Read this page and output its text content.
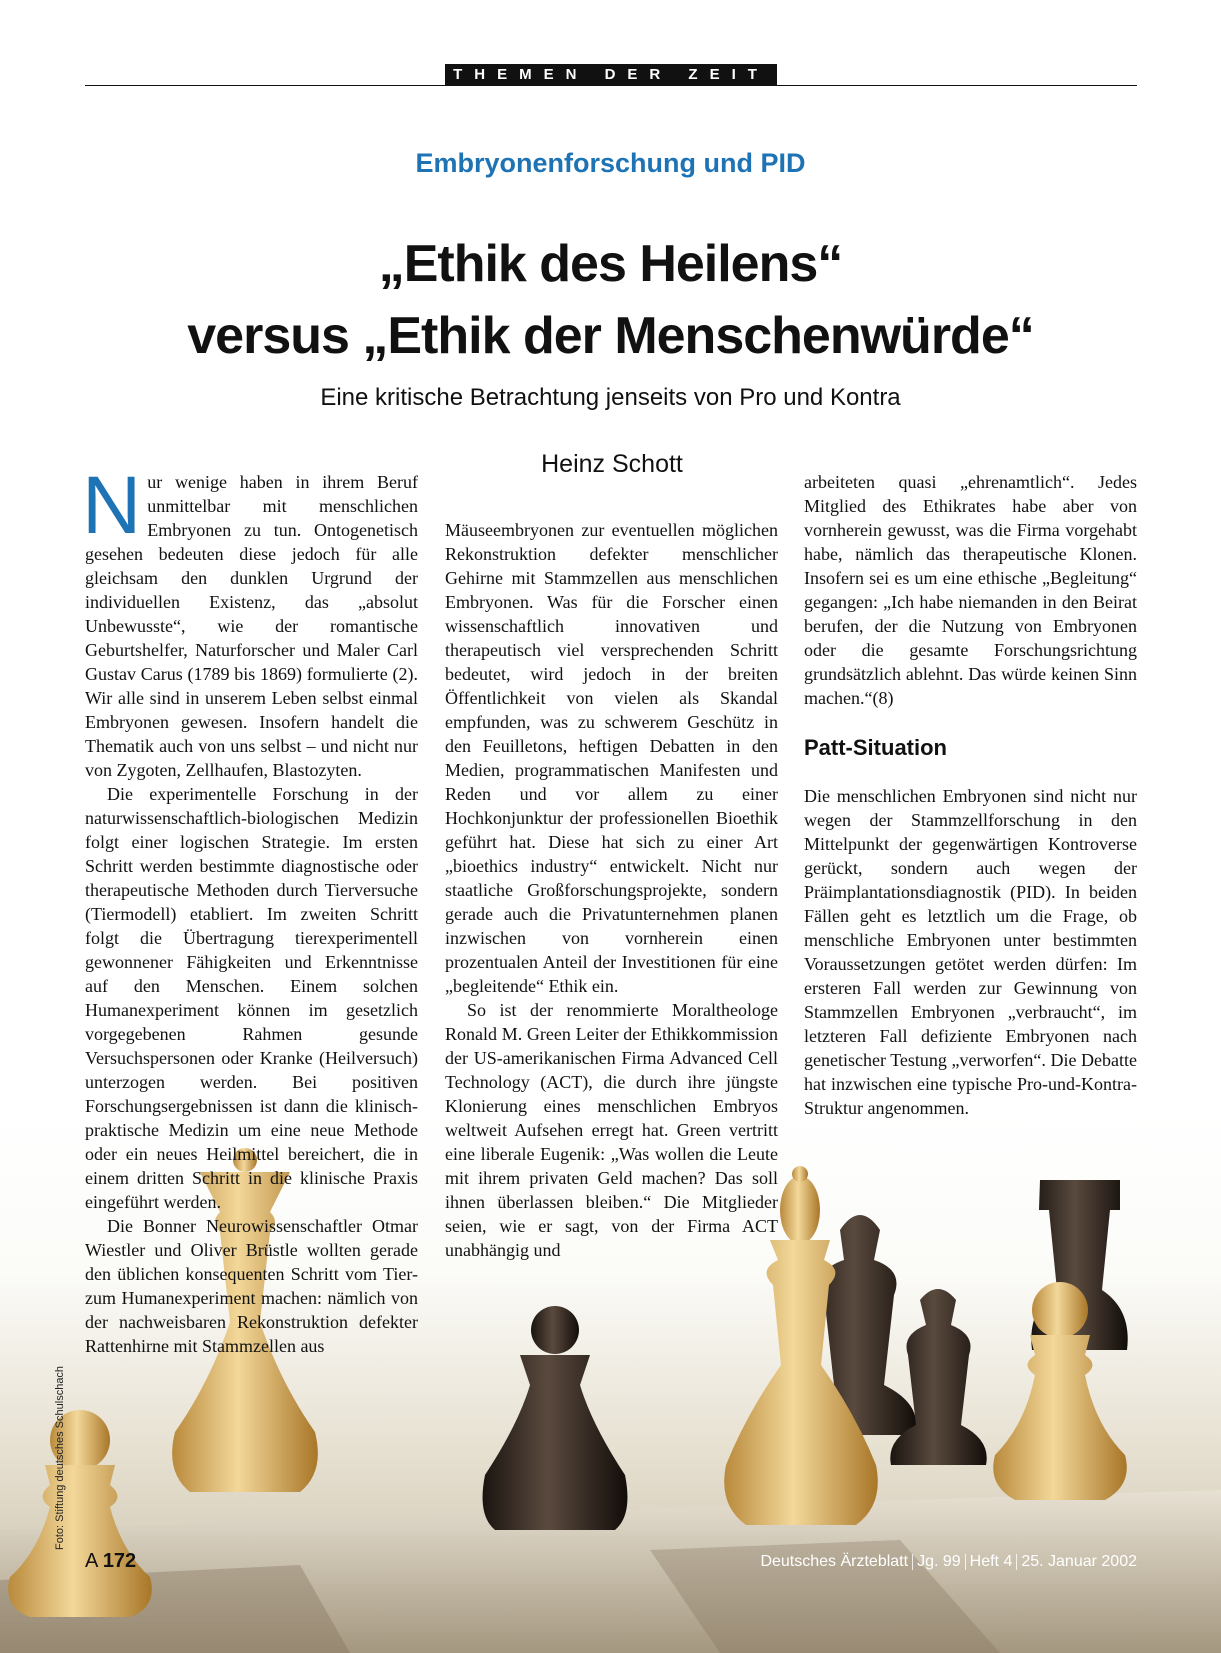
THEMEN DER ZEIT
Embryonenforschung und PID
„Ethik des Heilens“
versus „Ethik der Menschenwürde“
Eine kritische Betrachtung jenseits von Pro und Kontra
Heinz Schott

Nur wenige haben in ihrem Beruf unmittelbar mit menschlichen Embryonen zu tun. Ontogenetisch gesehen bedeuten diese jedoch für alle gleichsam den dunklen Urgrund der individuellen Existenz, das „absolut Unbewusste“, wie der romantische Geburtshelfer, Naturforscher und Maler Carl Gustav Carus (1789 bis 1869) formulierte (2). Wir alle sind in unserem Leben selbst einmal Embryonen gewesen. Insofern handelt die Thematik auch von uns selbst – und nicht nur von Zygoten, Zellhaufen, Blastozyten.

Die experimentelle Forschung in der naturwissenschaftlich-biologischen Medizin folgt einer logischen Strategie. Im ersten Schritt werden bestimmte diagnostische oder therapeutische Methoden durch Tierversuche (Tiermodell) etabliert. Im zweiten Schritt folgt die Übertragung tierexperimentell gewonnener Fähigkeiten und Erkenntnisse auf den Menschen. Einem solchen Humanexperiment können im gesetzlich vorgegebenen Rahmen gesunde Versuchspersonen oder Kranke (Heilversuch) unterzogen werden. Bei positiven Forschungsergebnissen ist dann die klinisch-praktische Medizin um eine neue Methode oder ein neues Heilmittel bereichert, die in einem dritten Schritt in die klinische Praxis eingeführt werden.

Die Bonner Neurowissenschaftler Otmar Wiestler und Oliver Brüstle wollten gerade den üblichen konsequenten Schritt vom Tier- zum Humanexperiment machen: nämlich von der nachweisbaren Rekonstruktion defekter Rattenhirne mit Stammzellen aus

Mäuseembryonen zur eventuellen möglichen Rekonstruktion defekter menschlicher Gehirne mit Stammzellen aus menschlichen Embryonen. Was für die Forscher einen wissenschaftlich innovativen und therapeutisch viel versprechenden Schritt bedeutet, wird jedoch in der breiten Öffentlichkeit von vielen als Skandal empfunden, was zu schwerem Geschütz in den Feuilletons, heftigen Debatten in den Medien, programmatischen Manifesten und Reden und vor allem zu einer Hochkonjunktur der professionellen Bioethik geführt hat. Diese hat sich zu einer Art „bioethics industry“ entwickelt. Nicht nur staatliche Großforschungsprojekte, sondern gerade auch die Privatunternehmen planen inzwischen von vornherein einen prozentualen Anteil der Investitionen für eine „begleitende“ Ethik ein.

So ist der renommierte Moraltheologe Ronald M. Green Leiter der Ethikkommission der US-amerikanischen Firma Advanced Cell Technology (ACT), die durch ihre jüngste Klonierung eines menschlichen Embryos weltweit Aufsehen erregt hat. Green vertritt eine liberale Eugenik: „Was wollen die Leute mit ihrem privaten Geld machen? Das soll ihnen überlassen bleiben.“ Die Mitglieder seien, wie er sagt, von der Firma ACT unabhängig und

arbeiteten quasi „ehrenamtlich“. Jedes Mitglied des Ethikrates habe aber von vornherein gewusst, was die Firma vorgehabt habe, nämlich das therapeutische Klonen. Insofern sei es um eine ethische „Begleitung“ gegangen: „Ich habe niemanden in den Beirat berufen, der die Nutzung von Embryonen oder die gesamte Forschungsrichtung grundsätzlich ablehnt. Das würde keinen Sinn machen.“(8)

Patt-Situation

Die menschlichen Embryonen sind nicht nur wegen der Stammzellforschung in den Mittelpunkt der gegenwärtigen Kontroverse gerückt, sondern auch wegen der Präimplantationsdiagnostik (PID). In beiden Fällen geht es letztlich um die Frage, ob menschliche Embryonen unter bestimmten Voraussetzungen getötet werden dürfen: Im ersteren Fall werden zur Gewinnung von Stammzellen Embryonen „verbraucht“, im letzteren Fall defiziente Embryonen nach genetischer Testung „verworfen“. Die Debatte hat inzwischen eine typische Pro-und-Kontra-Struktur angenommen.

Foto: Stiftung deutsches Schulschach
A 172	Deutsches Ärzteblatt Jg. 99 Heft 4 25. Januar 2002
